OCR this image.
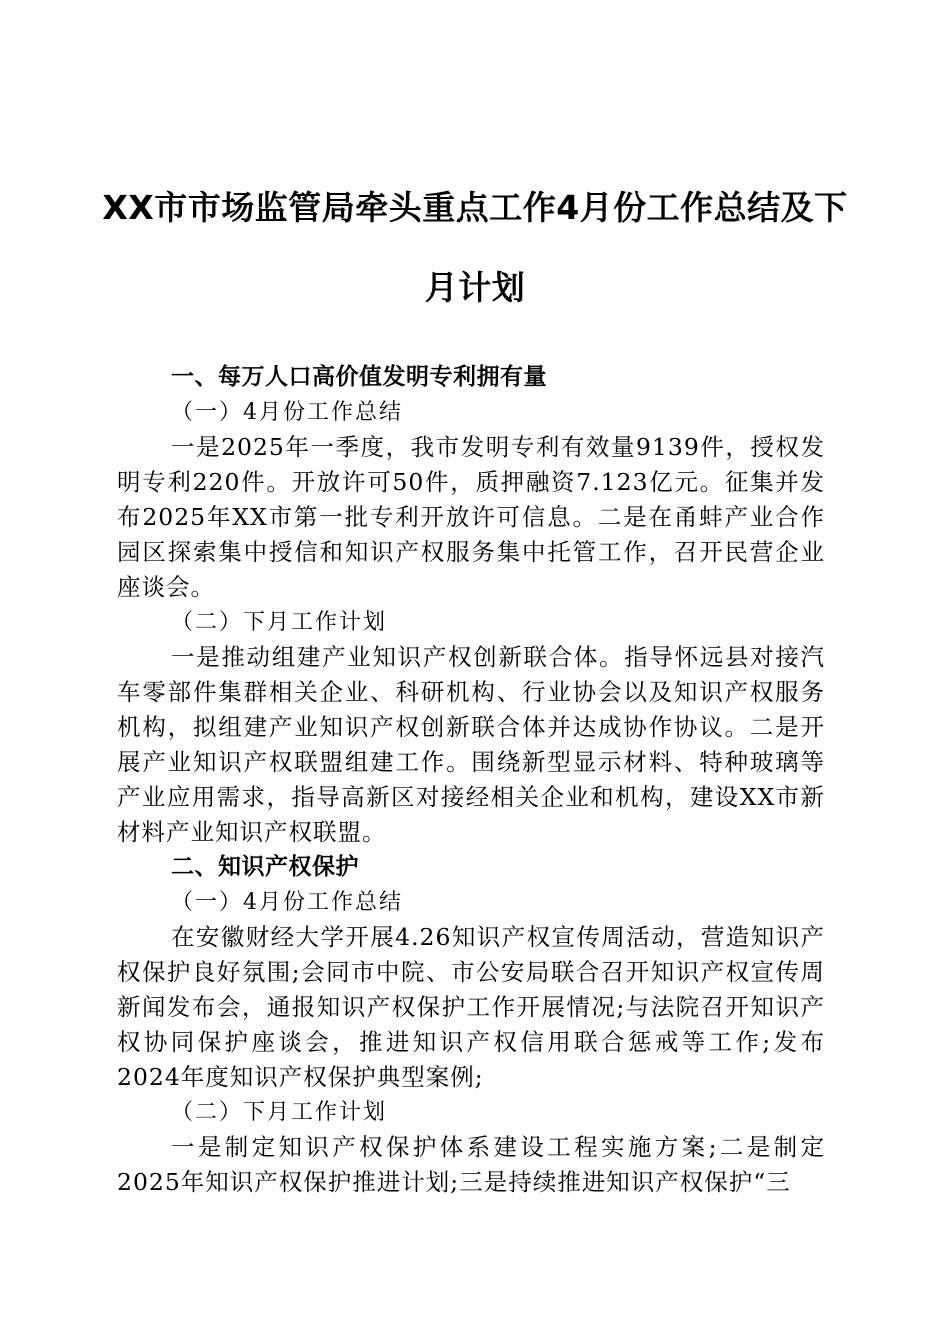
XX市市场监管局牵头重点工作4月份工作总结及下月计划

一、每万人口高价值发明专利拥有量

（一）4月份工作总结

一是2025年一季度，我市发明专利有效量9139件，授权发明专利220件。开放许可50件，质押融资7.123亿元。征集并发布2025年XX市第一批专利开放许可信息。二是在甬蚌产业合作园区探索集中授信和知识产权服务集中托管工作，召开民营企业座谈会。

（二）下月工作计划

一是推动组建产业知识产权创新联合体。指导怀远县对接汽车零部件集群相关企业、科研机构、行业协会以及知识产权服务机构，拟组建产业知识产权创新联合体并达成协作协议。二是开展产业知识产权联盟组建工作。围绕新型显示材料、特种玻璃等产业应用需求，指导高新区对接经相关企业和机构，建设XX市新材料产业知识产权联盟。

二、知识产权保护

（一）4月份工作总结

在安徽财经大学开展4.26知识产权宣传周活动，营造知识产权保护良好氛围;会同市中院、市公安局联合召开知识产权宣传周新闻发布会，通报知识产权保护工作开展情况;与法院召开知识产权协同保护座谈会，推进知识产权信用联合惩戒等工作;发布2024年度知识产权保护典型案例;

（二）下月工作计划

一是制定知识产权保护体系建设工程实施方案;二是制定2025年知识产权保护推进计划;三是持续推进知识产权保护“三
